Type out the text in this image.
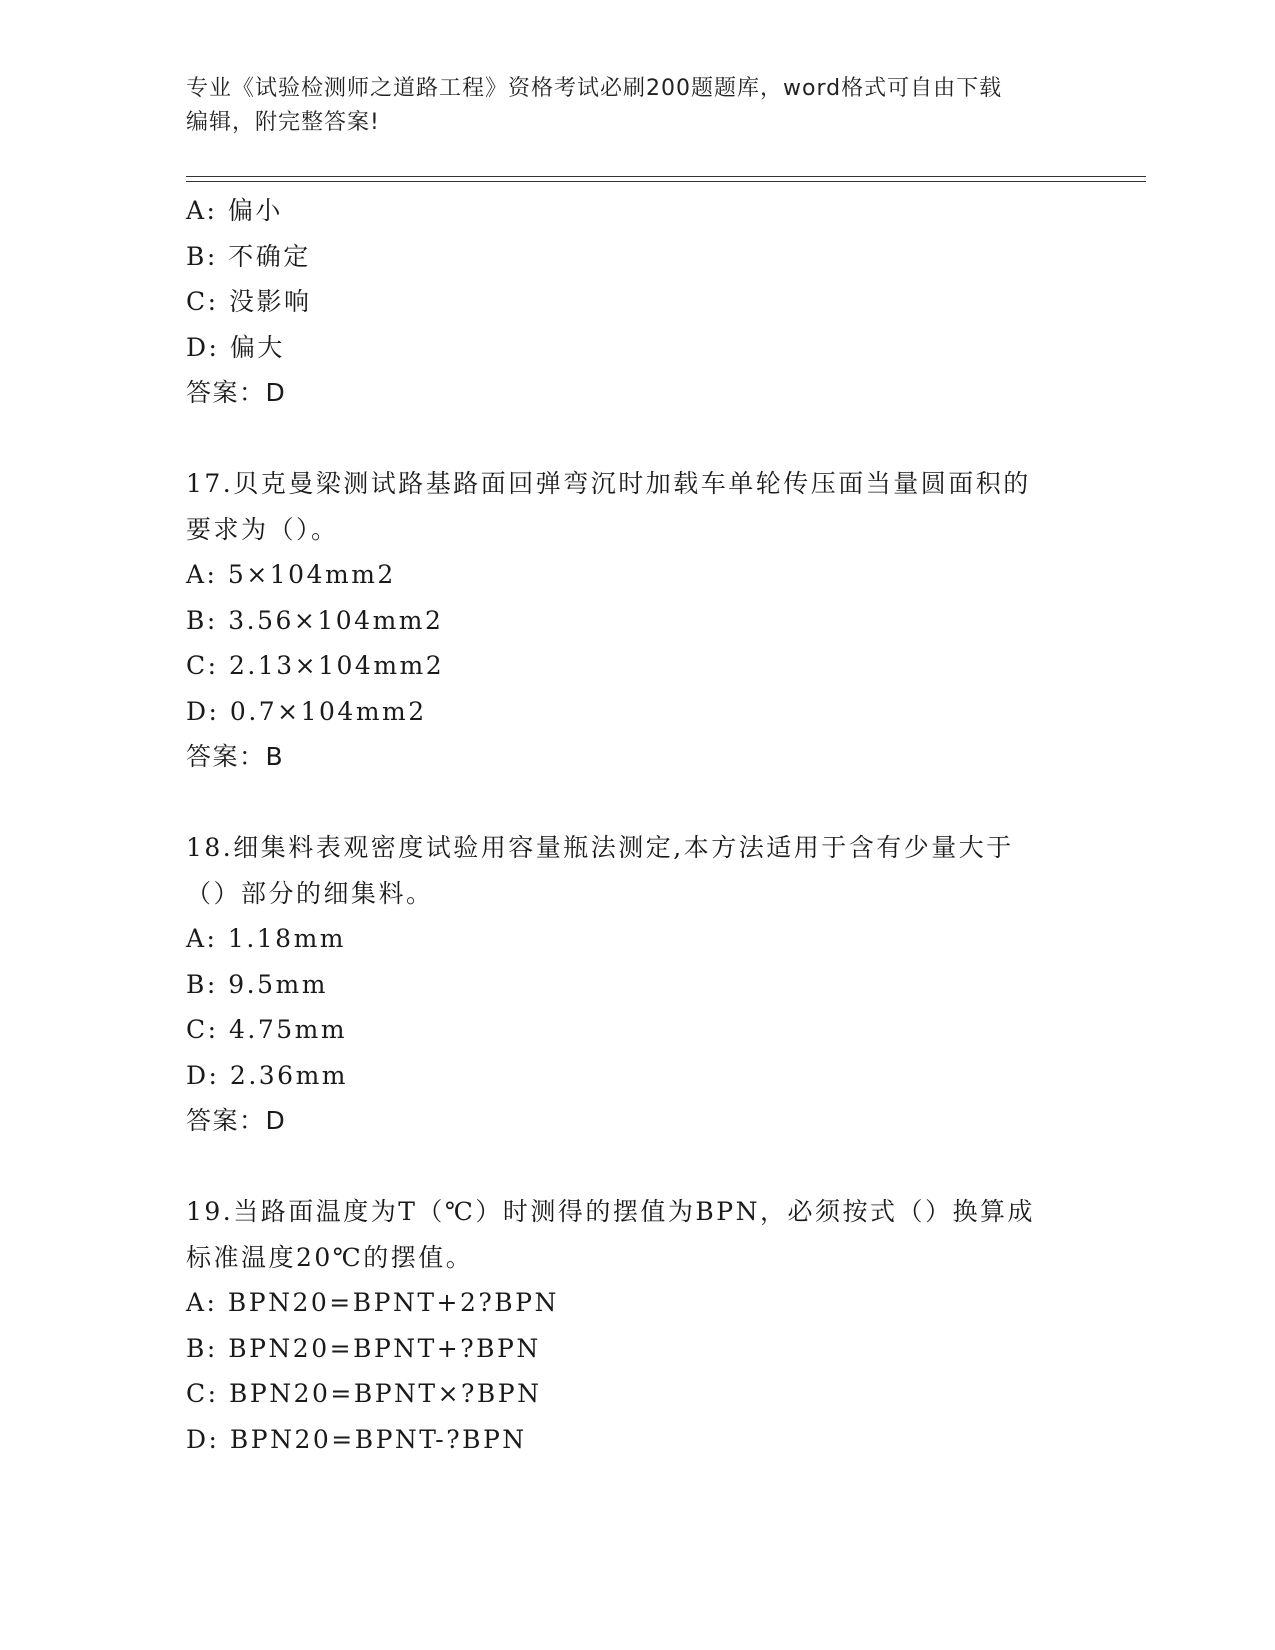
专业《试验检测师之道路工程》资格考试必刷200题题库，word格式可自由下载
编辑，附完整答案!
A: 偏小
B: 不确定
C: 没影响
D: 偏大
答案：D
17.贝克曼梁测试路基路面回弹弯沉时加载车单轮传压面当量圆面积的
要求为（）。
A: 5×104mm2
B: 3.56×104mm2
C: 2.13×104mm2
D: 0.7×104mm2
答案：B
18.细集料表观密度试验用容量瓶法测定,本方法适用于含有少量大于
（）部分的细集料。
A: 1.18mm
B: 9.5mm
C: 4.75mm
D: 2.36mm
答案：D
19.当路面温度为T（℃）时测得的摆值为BPN，必须按式（）换算成
标准温度20℃的摆值。
A: BPN20=BPNT+2?BPN
B: BPN20=BPNT+?BPN
C: BPN20=BPNT×?BPN
D: BPN20=BPNT-?BPN
